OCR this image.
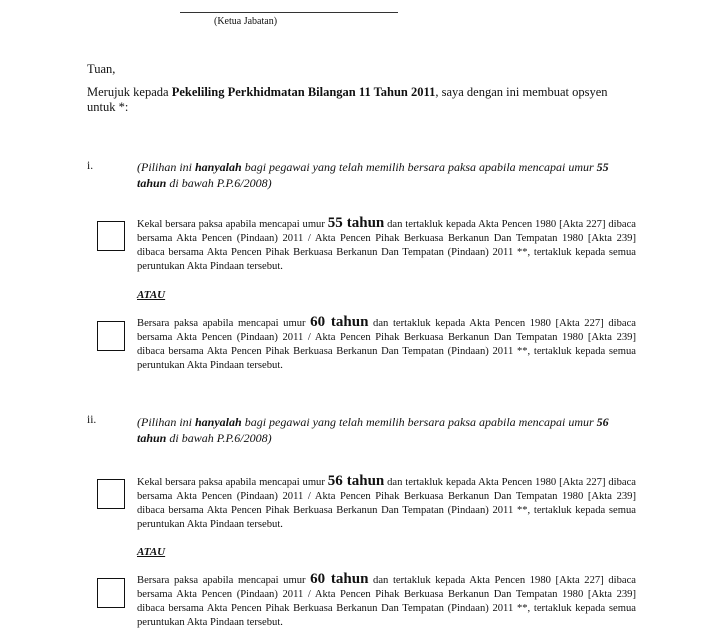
(Ketua Jabatan)
Tuan,
Merujuk kepada Pekeliling Perkhidmatan Bilangan 11 Tahun 2011, saya dengan ini membuat opsyen untuk *:
i.	(Pilihan ini hanyalah bagi pegawai yang telah memilih bersara paksa apabila mencapai umur 55 tahun di bawah P.P.6/2008)
Kekal bersara paksa apabila mencapai umur 55 tahun dan tertakluk kepada Akta Pencen 1980 [Akta 227] dibaca bersama Akta Pencen (Pindaan) 2011 / Akta Pencen Pihak Berkuasa Berkanun Dan Tempatan 1980 [Akta 239] dibaca bersama Akta Pencen Pihak Berkuasa Berkanun Dan Tempatan (Pindaan) 2011 **, tertakluk kepada semua peruntukan Akta Pindaan tersebut.
ATAU
Bersara paksa apabila mencapai umur 60 tahun dan tertakluk kepada Akta Pencen 1980 [Akta 227] dibaca bersama Akta Pencen (Pindaan) 2011 / Akta Pencen Pihak Berkuasa Berkanun Dan Tempatan 1980 [Akta 239] dibaca bersama Akta Pencen Pihak Berkuasa Berkanun Dan Tempatan (Pindaan) 2011 **, tertakluk kepada semua peruntukan Akta Pindaan tersebut.
ii.	(Pilihan ini hanyalah bagi pegawai yang telah memilih bersara paksa apabila mencapai umur 56 tahun di bawah P.P.6/2008)
Kekal bersara paksa apabila mencapai umur 56 tahun dan tertakluk kepada Akta Pencen 1980 [Akta 227] dibaca bersama Akta Pencen (Pindaan) 2011 / Akta Pencen Pihak Berkuasa Berkanun Dan Tempatan 1980 [Akta 239] dibaca bersama Akta Pencen Pihak Berkuasa Berkanun Dan Tempatan (Pindaan) 2011 **, tertakluk kepada semua peruntukan Akta Pindaan tersebut.
ATAU
Bersara paksa apabila mencapai umur 60 tahun dan tertakluk kepada Akta Pencen 1980 [Akta 227] dibaca bersama Akta Pencen (Pindaan) 2011 / Akta Pencen Pihak Berkuasa Berkanun Dan Tempatan 1980 [Akta 239] dibaca bersama Akta Pencen Pihak Berkuasa Berkanun Dan Tempatan (Pindaan) 2011 **, tertakluk kepada semua peruntukan Akta Pindaan tersebut.
